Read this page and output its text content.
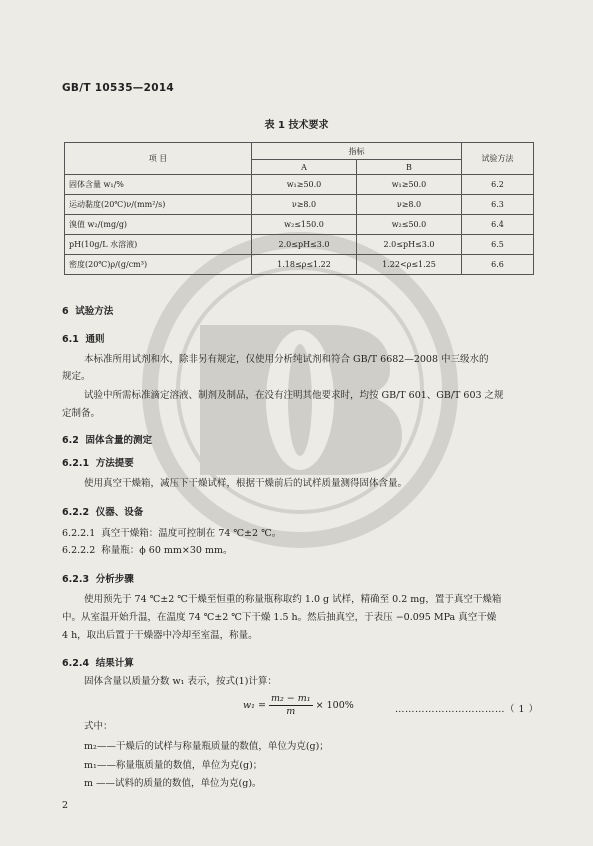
GB/T 10535—2014
表 1 技术要求
项 目	指标		试验方法
	A	B	
固体含量 w₁/%	w₁≥50.0	w₁≥50.0	6.2
运动黏度(20℃)ν/(mm²/s)	ν≥8.0	ν≥8.0	6.3
溴值 w₂/(mg/g)	w₂≤150.0	w₂≤50.0	6.4
pH(10g/L 水溶液)	2.0≤pH≤3.0	2.0≤pH≤3.0	6.5
密度(20℃)ρ/(g/cm³)	1.18≤ρ≤1.22	1.22<ρ≤1.25	6.6
6 试验方法
6.1 通则
本标准所用试剂和水，除非另有规定，仅使用分析纯试剂和符合 GB/T 6682—2008 中三级水的
规定。
试验中所需标准滴定溶液、制剂及制品，在没有注明其他要求时，均按 GB/T 601、GB/T 603 之规
定制备。
6.2 固体含量的测定
6.2.1 方法提要
使用真空干燥箱，减压下干燥试样，根据干燥前后的试样质量测得固体含量。
6.2.2 仪器、设备
6.2.2.1 真空干燥箱：温度可控制在 74 ℃±2 ℃。
6.2.2.2 称量瓶：ϕ 60 mm×30 mm。
6.2.3 分析步骤
使用预先于 74 ℃±2 ℃干燥至恒重的称量瓶称取约 1.0 g 试样，精确至 0.2 mg，置于真空干燥箱
中。从室温开始升温，在温度 74 ℃±2 ℃下干燥 1.5 h。然后抽真空，于表压 −0.095 MPa 真空干燥
4 h，取出后置于干燥器中冷却至室温，称量。
6.2.4 结果计算
固体含量以质量分数 w₁ 表示，按式(1)计算：
$w_1 = \frac{\text{m₂ − m₁}}{m} \times 100\%$	……………………………（ 1 ）
式中：
m₂——干燥后的试样与称量瓶质量的数值，单位为克(g)；
m₁——称量瓶质量的数值，单位为克(g)；
m ——试料的质量的数值，单位为克(g)。
2
